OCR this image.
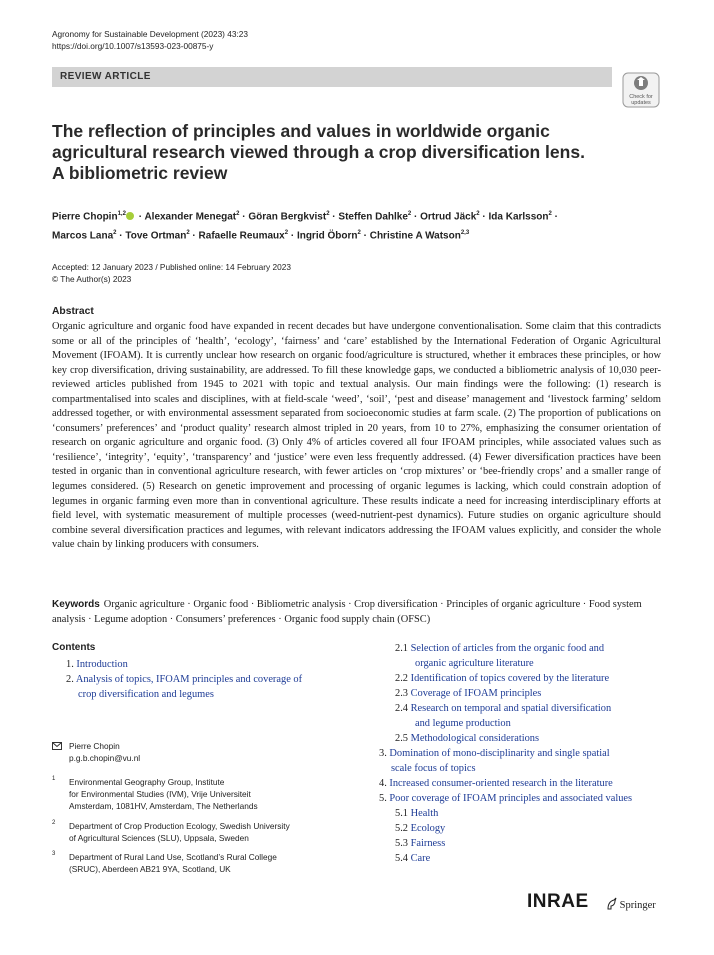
Agronomy for Sustainable Development (2023) 43:23
https://doi.org/10.1007/s13593-023-00875-y
REVIEW ARTICLE
Check for updates
The reflection of principles and values in worldwide organic
agricultural research viewed through a crop diversification lens.
A bibliometric review
Pierre Chopin$^{1,2}$ · Alexander Menegat$^2$ · Göran Bergkvist$^2$ · Steffen Dahlke$^2$ · Ortrud Jäck$^2$ · Ida Karlsson$^2$ ·
Marcos Lana$^2$ · Tove Ortman$^2$ · Rafaelle Reumaux$^2$ · Ingrid Öborn$^2$ · Christine A Watson$^{2,3}$
Accepted: 12 January 2023 / Published online: 14 February 2023
© The Author(s) 2023
Abstract
Organic agriculture and organic food have expanded in recent decades but have undergone conventionalisation. Some claim that this contradicts some or all of the principles of ‘health’, ‘ecology’, ‘fairness’ and ‘care’ established by the International Federation of Organic Agricultural Movement (IFOAM). It is currently unclear how research on organic food/agriculture is structured, whether it embraces these principles, or how key crop diversification, driving sustainability, are addressed. To fill these knowledge gaps, we conducted a bibliometric analysis of 10,030 peer-reviewed articles published from 1945 to 2021 with topic and textual analysis. Our main findings were the following: (1) research is compartmentalised into scales and disciplines, with at field-scale ‘weed’, ‘soil’, ‘pest and disease’ management and ‘livestock farming’ seldom addressed together, or with environmental assessment separated from socioeconomic studies at farm scale. (2) The proportion of publications on ‘consumers’ preferences’ and ‘product quality’ research almost tripled in 20 years, from 10 to 27%, emphasizing the consumer orientation of research on organic agriculture and organic food. (3) Only 4% of articles covered all four IFOAM principles, while associated values such as ‘resilience’, ‘integrity’, ‘equity’, ‘transparency’ and ‘justice’ were even less frequently addressed. (4) Fewer diversification practices have been tested in organic than in conventional agriculture research, with fewer articles on ‘crop mixtures’ or ‘bee-friendly crops’ and a smaller range of legumes considered. (5) Research on genetic improvement and processing of organic legumes is lacking, which could constrain adoption of legumes in organic farming even more than in conventional agriculture. These results indicate a need for increasing interdisciplinary efforts at field level, with systematic measurement of multiple processes (weed-nutrient-pest dynamics). Future studies on organic agriculture should combine several diversification practices and legumes, with relevant indicators addressing the IFOAM values explicitly, and consider the whole value chain by linking producers with consumers.
Keywords Organic agriculture · Organic food · Bibliometric analysis · Crop diversification · Principles of organic agriculture · Food system analysis · Legume adoption · Consumers’ preferences · Organic food supply chain (OFSC)
Contents
1. Introduction
2. Analysis of topics, IFOAM principles and coverage of
crop diversification and legumes
2.1 Selection of articles from the organic food and
organic agriculture literature
2.2 Identification of topics covered by the literature
2.3 Coverage of IFOAM principles
2.4 Research on temporal and spatial diversification
and legume production
2.5 Methodological considerations
3. Domination of mono-disciplinarity and single spatial
scale focus of topics
4. Increased consumer-oriented research in the literature
5. Poor coverage of IFOAM principles and associated values
5.1 Health
5.2 Ecology
5.3 Fairness
5.4 Care
Pierre Chopin
p.g.b.chopin@vu.nl
1 Environmental Geography Group, Institute
for Environmental Studies (IVM), Vrije Universiteit
Amsterdam, 1081HV, Amsterdam, The Netherlands
2 Department of Crop Production Ecology, Swedish University
of Agricultural Sciences (SLU), Uppsala, Sweden
3 Department of Rural Land Use, Scotland’s Rural College
(SRUC), Aberdeen AB21 9YA, Scotland, UK
INRAE	Springer
